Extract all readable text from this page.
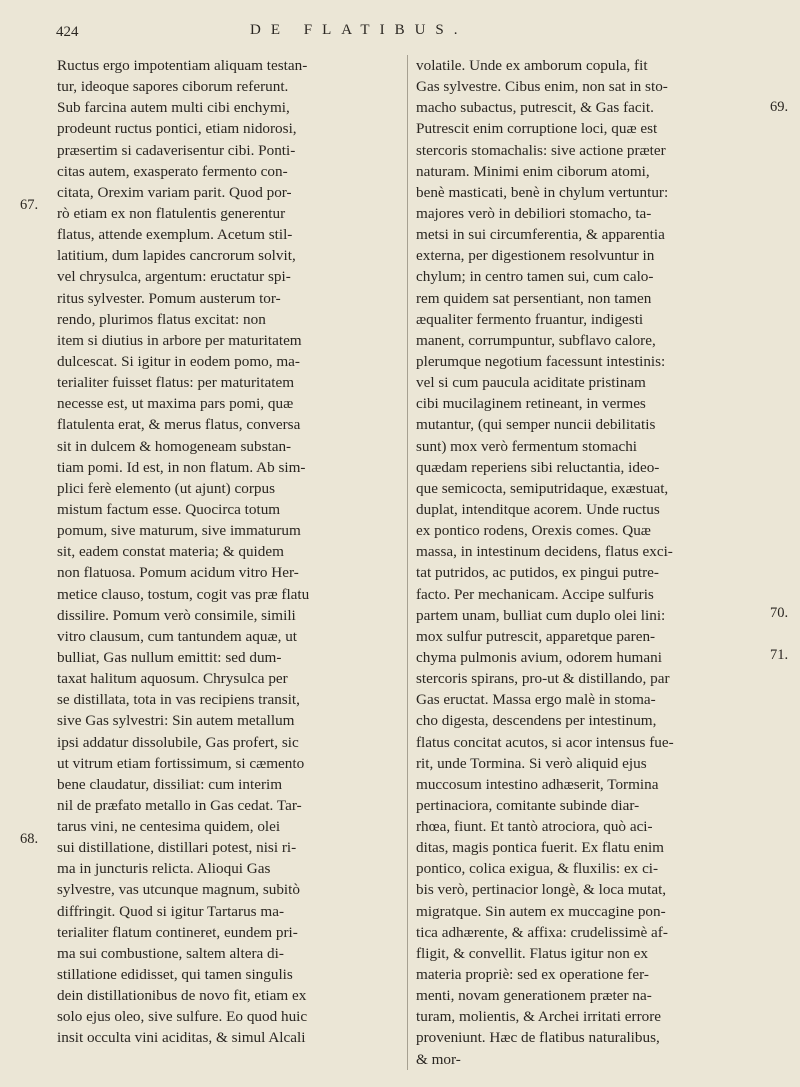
424	DE FLATIBUS.
Ructus ergo impotentiam aliquam testan-
tur, ideoque sapores ciborum referunt.
Sub farcina autem multi cibi enchymi,
prodeunt ructus pontici, etiam nidorosi,
præsertim si cadaverisentur cibi. Ponti-
citas autem, exasperato fermento con-
citata, Orexim variam parit. Quod por-
rò etiam ex non flatulentis generentur
flatus, attende exemplum. Acetum stil-
latitium, dum lapides cancrorum solvit,
vel chrysulca, argentum: eructatur spi-
ritus sylvester. Pomum austerum tor-
rendo, plurimos flatus excitat: non
item si diutius in arbore per maturitatem
dulcescat. Si igitur in eodem pomo, ma-
terialiter fuisset flatus: per maturitatem
necesse est, ut maxima pars pomi, quæ
flatulenta erat, & merus flatus, conversa
sit in dulcem & homogeneam substan-
tiam pomi. Id est, in non flatum. Ab sim-
plici ferè elemento (ut ajunt) corpus
mistum factum esse. Quocirca totum
pomum, sive maturum, sive immaturum
sit, eadem constat materia; & quidem
non flatuosa. Pomum acidum vitro Her-
metice clauso, tostum, cogit vas præ flatu
dissilire. Pomum verò consimile, simili
vitro clausum, cum tantundem aquæ, ut
bulliat, Gas nullum emittit: sed dum-
taxat halitum aquosum. Chrysulca per
se distillata, tota in vas recipiens transit,
sive Gas sylvestri: Sin autem metallum
ipsi addatur dissolubile, Gas profert, sic
ut vitrum etiam fortissimum, si cæmento
bene claudatur, dissiliat: cum interim
nil de præfato metallo in Gas cedat. Tar-
tarus vini, ne centesima quidem, olei
sui distillatione, distillari potest, nisi ri-
ma in juncturis relicta. Alioqui Gas
sylvestre, vas utcunque magnum, subitò
diffringit. Quod si igitur Tartarus ma-
terialiter flatum contineret, eundem pri-
ma sui combustione, saltem altera di-
stillatione edidisset, qui tamen singulis
dein distillationibus de novo fit, etiam ex
solo ejus oleo, sive sulfure. Eo quod huic
insit occulta vini aciditas, & simul Alcali
volatile. Unde ex amborum copula, fit
Gas sylvestre. Cibus enim, non sat in sto-
macho subactus, putrescit, & Gas facit.
Putrescit enim corruptione loci, quæ est
stercoris stomachalis: sive actione præter
naturam. Minimi enim ciborum atomi,
benè masticati, benè in chylum vertuntur:
majores verò in debiliori stomacho, ta-
metsi in sui circumferentia, & apparentia
externa, per digestionem resolvuntur in
chylum; in centro tamen sui, cum calo-
rem quidem sat persentiant, non tamen
æqualiter fermento fruantur, indigesti
manent, corrumpuntur, subflavo calore,
plerumque negotium facessunt intestinis:
vel si cum paucula aciditate pristinam
cibi mucilaginem retineant, in vermes
mutantur, (qui semper nuncii debilitatis
sunt) mox verò fermentum stomachi
quædam reperiens sibi reluctantia, ideo-
que semicocta, semiputridaque, exæstuat,
duplat, intenditque acorem. Unde ructus
ex pontico rodens, Orexis comes. Quæ
massa, in intestinum decidens, flatus exci-
tat putridos, ac putidos, ex pingui putre-
facto. Per mechanicam. Accipe sulfuris
partem unam, bulliat cum duplo olei lini:
mox sulfur putrescit, apparetque paren-
chyma pulmonis avium, odorem humani
stercoris spirans, pro-ut & distillando, par
Gas eructat. Massa ergo malè in stoma-
cho digesta, descendens per intestinum,
flatus concitat acutos, si acor intensus fue-
rit, unde Tormina. Si verò aliquid ejus
muccosum intestino adhæserit, Tormina
pertinaciora, comitante subinde diar-
rhœa, fiunt. Et tantò atrociora, quò aci-
ditas, magis pontica fuerit. Ex flatu enim
pontico, colica exigua, & fluxilis: ex ci-
bis verò, pertinacior longè, & loca mutat,
migratque. Sin autem ex muccagine pon-
tica adhærente, & affixa: crudelissimè af-
fligit, & convellit. Flatus igitur non ex
materia propriè: sed ex operatione fer-
menti, novam generationem præter na-
turam, molientis, & Archei irritati errore
proveniunt. Hæc de flatibus naturalibus,
& mor-
67.
68.
69.
70.
71.
